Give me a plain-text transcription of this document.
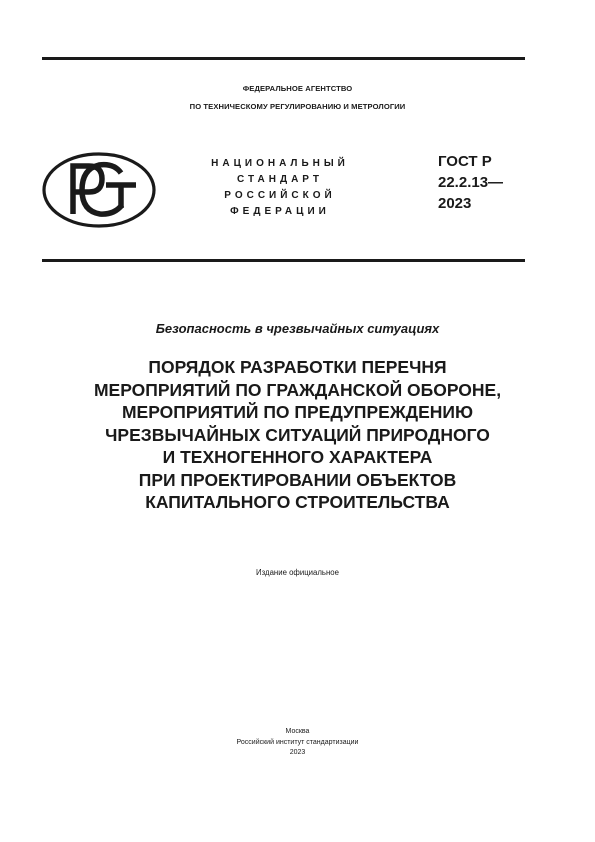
ФЕДЕРАЛЬНОЕ АГЕНТСТВО
ПО ТЕХНИЧЕСКОМУ РЕГУЛИРОВАНИЮ И МЕТРОЛОГИИ
НАЦИОНАЛЬНЫЙ
СТАНДАРТ
РОССИЙСКОЙ
ФЕДЕРАЦИИ
ГОСТ Р
22.2.13—
2023
Безопасность в чрезвычайных ситуациях
ПОРЯДОК РАЗРАБОТКИ ПЕРЕЧНЯ
МЕРОПРИЯТИЙ ПО ГРАЖДАНСКОЙ ОБОРОНЕ,
МЕРОПРИЯТИЙ ПО ПРЕДУПРЕЖДЕНИЮ
ЧРЕЗВЫЧАЙНЫХ СИТУАЦИЙ ПРИРОДНОГО
И ТЕХНОГЕННОГО ХАРАКТЕРА
ПРИ ПРОЕКТИРОВАНИИ ОБЪЕКТОВ
КАПИТАЛЬНОГО СТРОИТЕЛЬСТВА
Издание официальное
Москва
Российский институт стандартизации
2023
